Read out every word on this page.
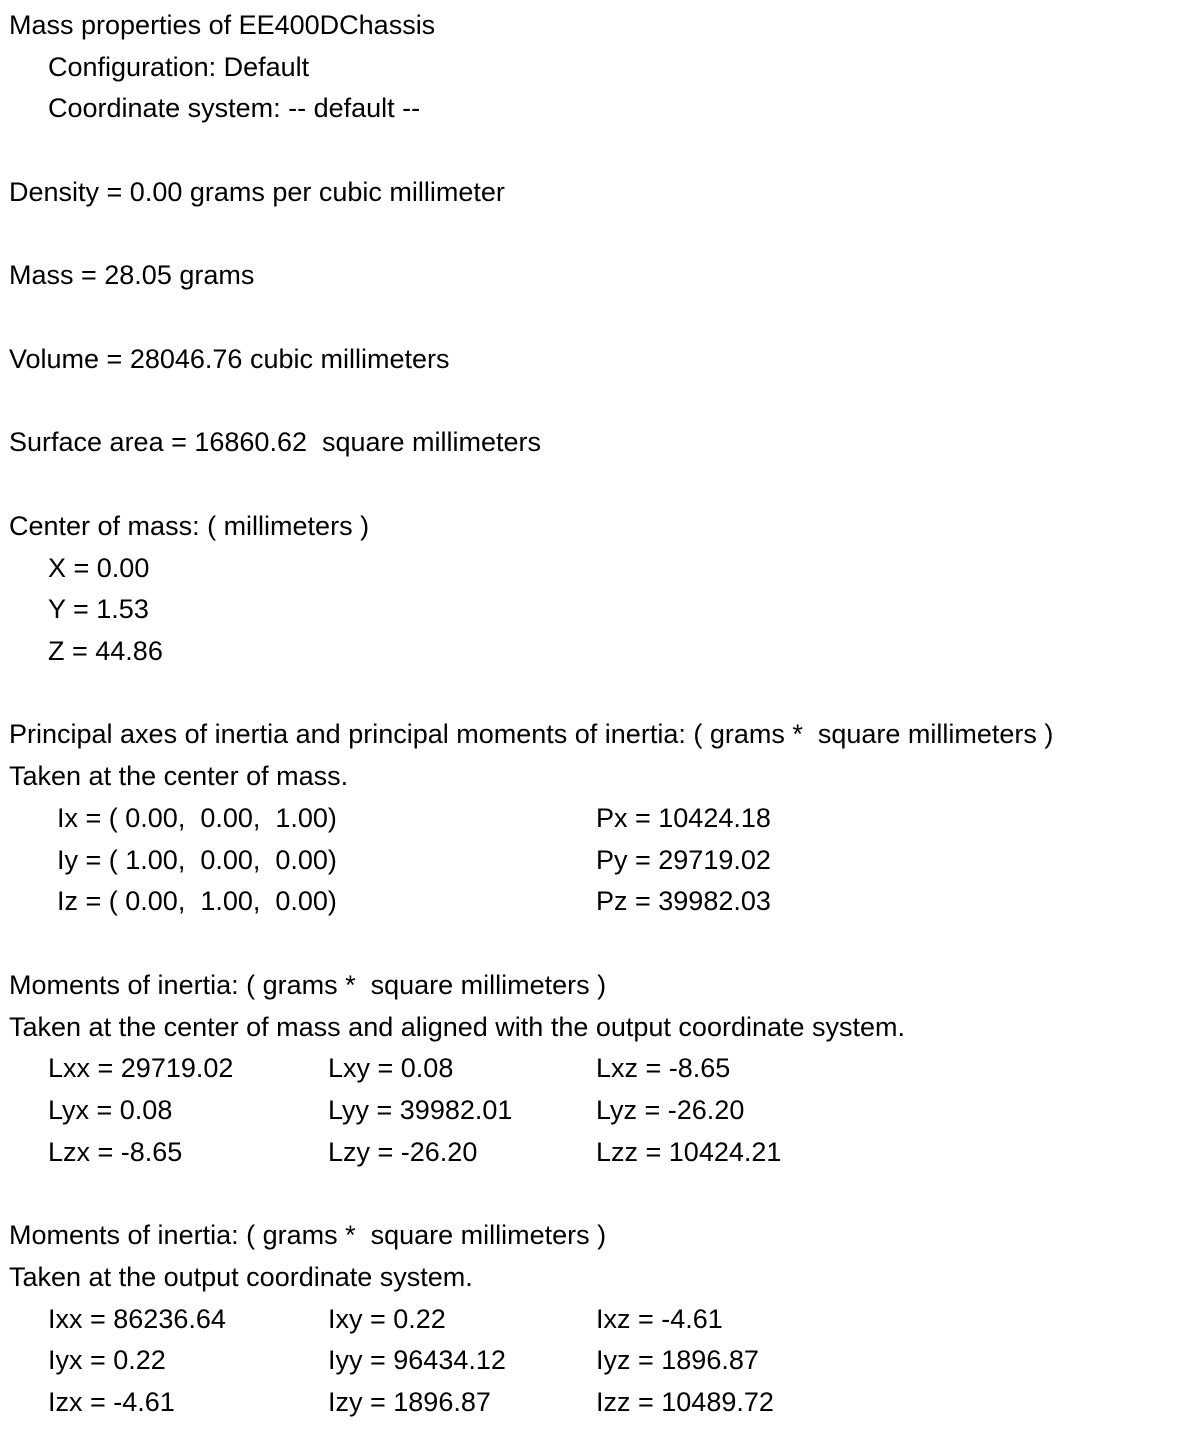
Mass properties of EE400DChassis
Configuration: Default
Coordinate system: -- default --
Density = 0.00 grams per cubic millimeter
Mass = 28.05 grams
Volume = 28046.76 cubic millimeters
Surface area = 16860.62  square millimeters
Center of mass: ( millimeters )
X = 0.00
Y = 1.53
Z = 44.86
Principal axes of inertia and principal moments of inertia: ( grams *  square millimeters )
Taken at the center of mass.
Ix = ( 0.00,  0.00,  1.00)	Px = 10424.18
Iy = ( 1.00,  0.00,  0.00)	Py = 29719.02
Iz = ( 0.00,  1.00,  0.00)	Pz = 39982.03
Moments of inertia: ( grams *  square millimeters )
Taken at the center of mass and aligned with the output coordinate system.
Lxx = 29719.02	Lxy = 0.08	Lxz = -8.65
Lyx = 0.08	Lyy = 39982.01	Lyz = -26.20
Lzx = -8.65	Lzy = -26.20	Lzz = 10424.21
Moments of inertia: ( grams *  square millimeters )
Taken at the output coordinate system.
Ixx = 86236.64	Ixy = 0.22	Ixz = -4.61
Iyx = 0.22	Iyy = 96434.12	Iyz = 1896.87
Izx = -4.61	Izy = 1896.87	Izz = 10489.72
